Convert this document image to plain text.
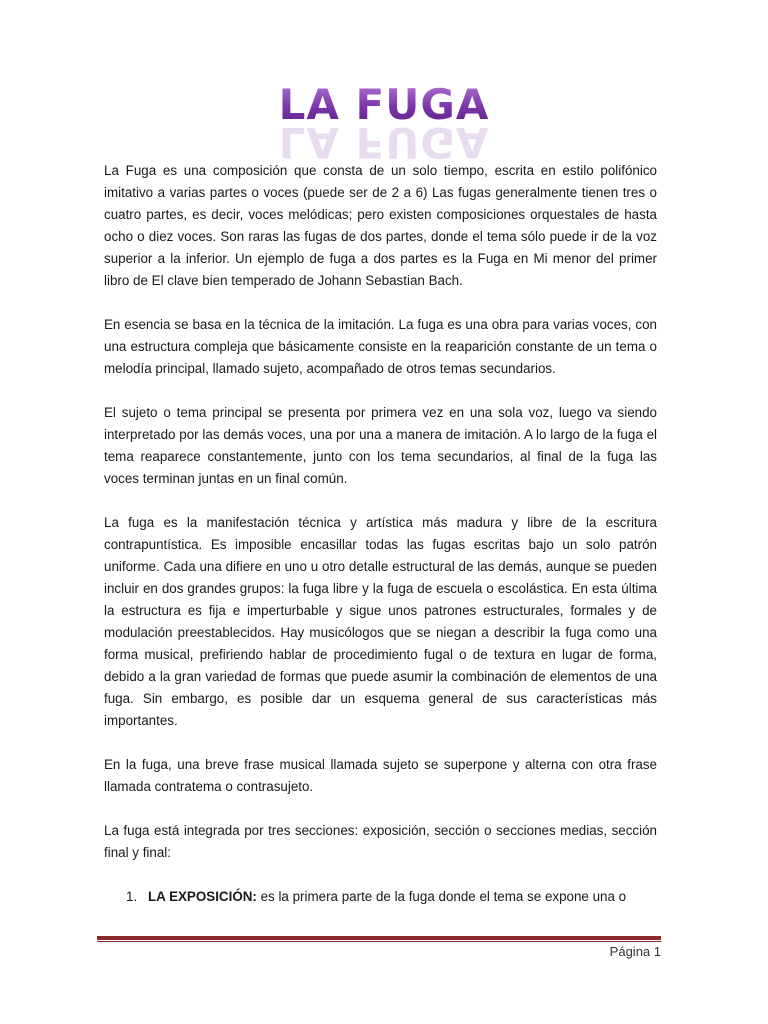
LA FUGA
LA FUGA

La Fuga es una composición que consta de un solo tiempo, escrita en estilo polifónico imitativo a varias partes o voces (puede ser de 2 a 6) Las fugas generalmente tienen tres o cuatro partes, es decir, voces melódicas; pero existen composiciones orquestales de hasta ocho o diez voces. Son raras las fugas de dos partes, donde el tema sólo puede ir de la voz superior a la inferior. Un ejemplo de fuga a dos partes es la Fuga en Mi menor del primer libro de El clave bien temperado de Johann Sebastian Bach.

En esencia se basa en la técnica de la imitación. La fuga es una obra para varias voces, con una estructura compleja que básicamente consiste en la reaparición constante de un tema o melodía principal, llamado sujeto, acompañado de otros temas secundarios.

El sujeto o tema principal se presenta por primera vez en una sola voz, luego va siendo interpretado por las demás voces, una por una a manera de imitación. A lo largo de la fuga el tema reaparece constantemente, junto con los tema secundarios, al final de la fuga las voces terminan juntas en un final común.

La fuga es la manifestación técnica y artística más madura y libre de la escritura contrapuntística. Es imposible encasillar todas las fugas escritas bajo un solo patrón uniforme. Cada una difiere en uno u otro detalle estructural de las demás, aunque se pueden incluir en dos grandes grupos: la fuga libre y la fuga de escuela o escolástica. En esta última la estructura es fija e imperturbable y sigue unos patrones estructurales, formales y de modulación preestablecidos. Hay musicólogos que se niegan a describir la fuga como una forma musical, prefiriendo hablar de procedimiento fugal o de textura en lugar de forma, debido a la gran variedad de formas que puede asumir la combinación de elementos de una fuga. Sin embargo, es posible dar un esquema general de sus características más importantes.

En la fuga, una breve frase musical llamada sujeto se superpone y alterna con otra frase llamada contratema o contrasujeto.

La fuga está integrada por tres secciones: exposición, sección o secciones medias, sección final y final:

1. LA EXPOSICIÓN: es la primera parte de la fuga donde el tema se expone una o
Página 1
